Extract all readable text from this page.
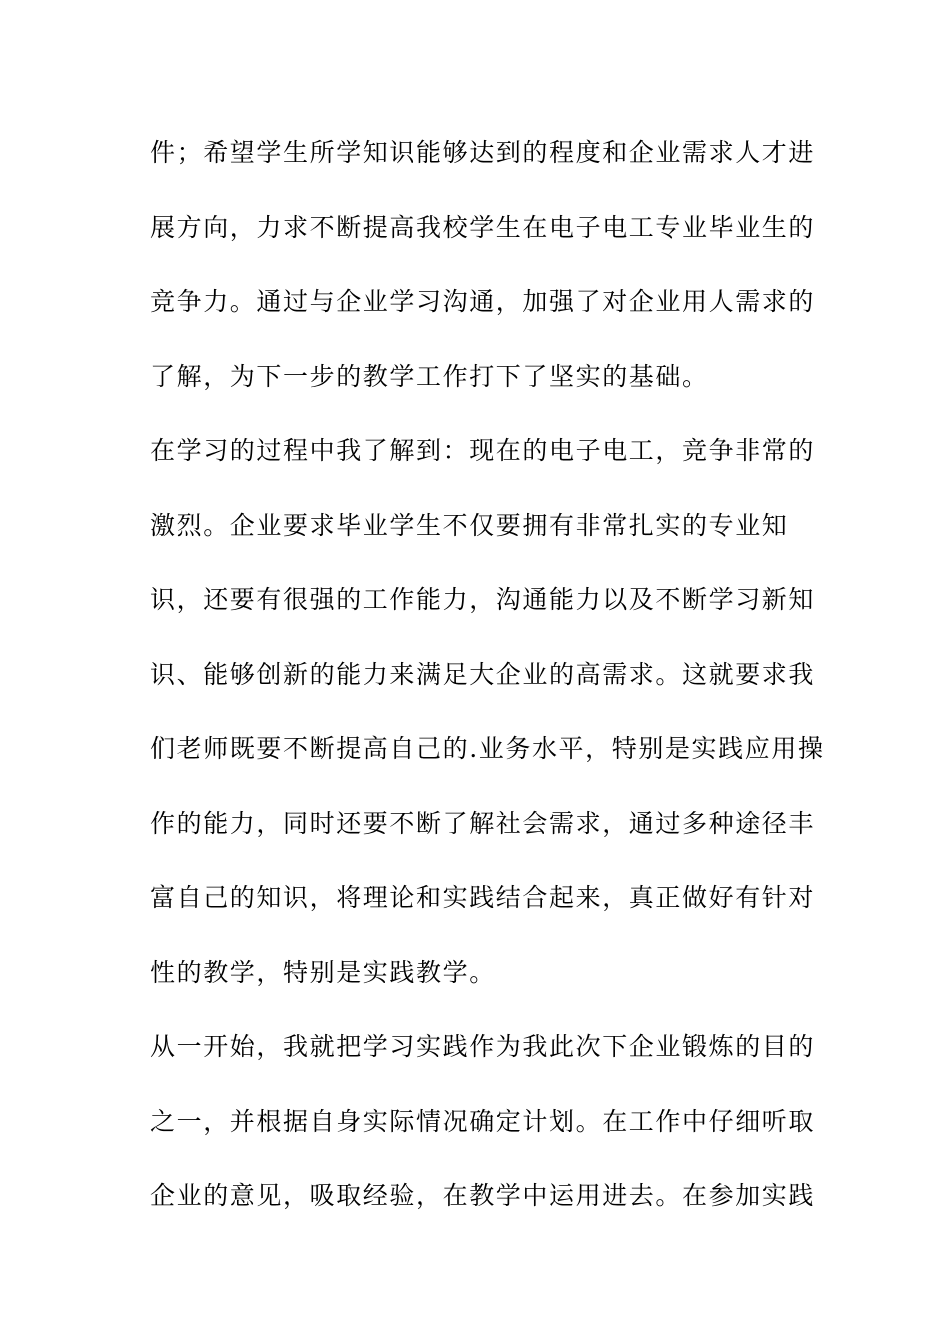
件；希望学生所学知识能够达到的程度和企业需求人才进
展方向，力求不断提高我校学生在电子电工专业毕业生的
竞争力。通过与企业学习沟通，加强了对企业用人需求的
了解，为下一步的教学工作打下了坚实的基础。
在学习的过程中我了解到：现在的电子电工，竞争非常的
激烈。企业要求毕业学生不仅要拥有非常扎实的专业知
识，还要有很强的工作能力，沟通能力以及不断学习新知
识、能够创新的能力来满足大企业的高需求。这就要求我
们老师既要不断提高自己的.业务水平，特别是实践应用操
作的能力，同时还要不断了解社会需求，通过多种途径丰
富自己的知识，将理论和实践结合起来，真正做好有针对
性的教学，特别是实践教学。
从一开始，我就把学习实践作为我此次下企业锻炼的目的
之一，并根据自身实际情况确定计划。在工作中仔细听取
企业的意见，吸取经验，在教学中运用进去。在参加实践
